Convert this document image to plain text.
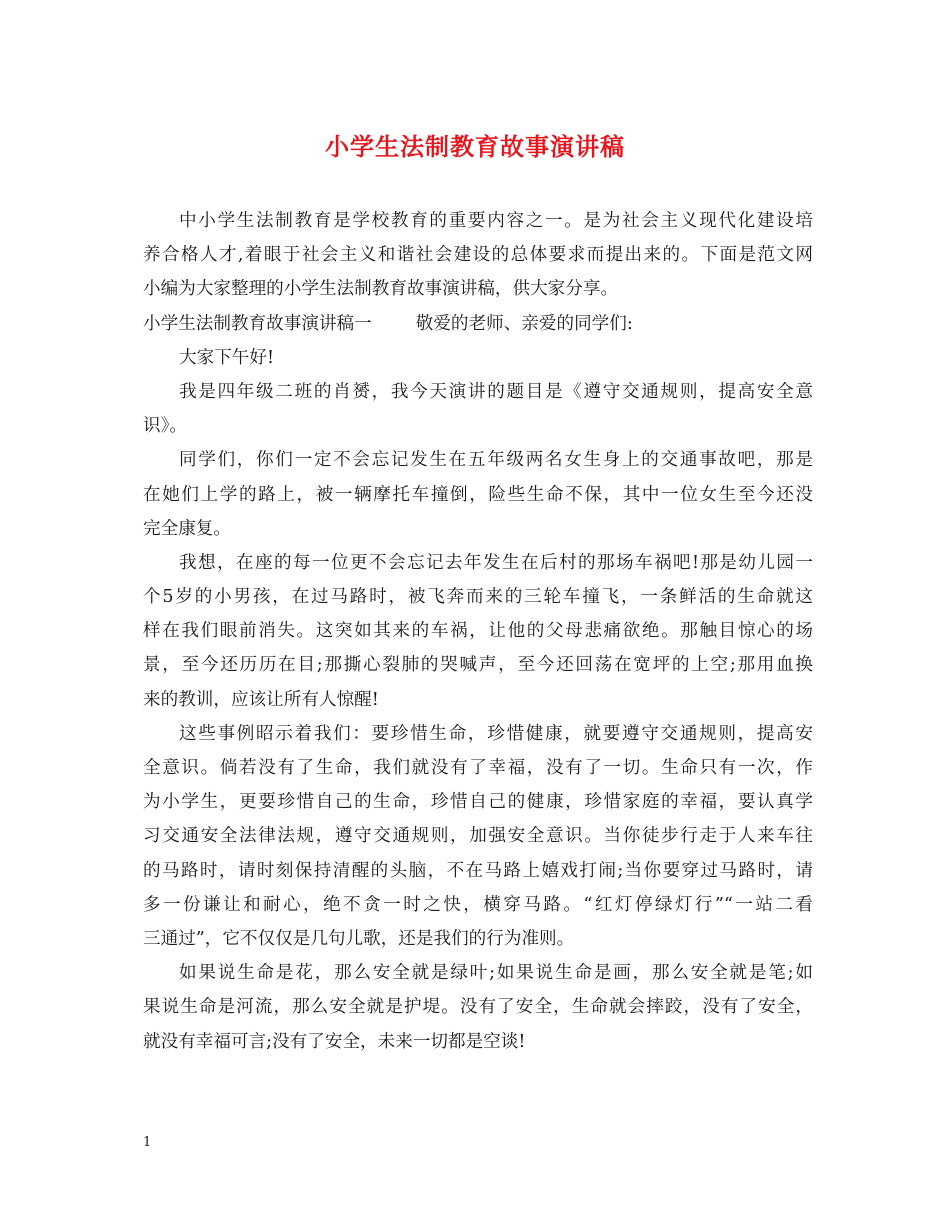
小学生法制教育故事演讲稿
中小学生法制教育是学校教育的重要内容之一。是为社会主义现代化建设培
养合格人才,着眼于社会主义和谐社会建设的总体要求而提出来的。下面是范文网
小编为大家整理的小学生法制教育故事演讲稿，供大家分享。
小学生法制教育故事演讲稿一	敬爱的老师、亲爱的同学们:
大家下午好!
我是四年级二班的肖赟，我今天演讲的题目是《遵守交通规则，提高安全意
识》。
同学们，你们一定不会忘记发生在五年级两名女生身上的交通事故吧，那是
在她们上学的路上，被一辆摩托车撞倒，险些生命不保，其中一位女生至今还没
完全康复。
我想，在座的每一位更不会忘记去年发生在后村的那场车祸吧!那是幼儿园一
个5岁的小男孩，在过马路时，被飞奔而来的三轮车撞飞，一条鲜活的生命就这
样在我们眼前消失。这突如其来的车祸，让他的父母悲痛欲绝。那触目惊心的场
景，至今还历历在目;那撕心裂肺的哭喊声，至今还回荡在宽坪的上空;那用血换
来的教训，应该让所有人惊醒!
这些事例昭示着我们：要珍惜生命，珍惜健康，就要遵守交通规则，提高安
全意识。倘若没有了生命，我们就没有了幸福，没有了一切。生命只有一次，作
为小学生，更要珍惜自己的生命，珍惜自己的健康，珍惜家庭的幸福，要认真学
习交通安全法律法规，遵守交通规则，加强安全意识。当你徒步行走于人来车往
的马路时，请时刻保持清醒的头脑，不在马路上嬉戏打闹;当你要穿过马路时，请
多一份谦让和耐心，绝不贪一时之快，横穿马路。“红灯停绿灯行”“一站二看
三通过”，它不仅仅是几句儿歌，还是我们的行为准则。
如果说生命是花，那么安全就是绿叶;如果说生命是画，那么安全就是笔;如
果说生命是河流，那么安全就是护堤。没有了安全，生命就会摔跤，没有了安全，
就没有幸福可言;没有了安全，未来一切都是空谈!
1
